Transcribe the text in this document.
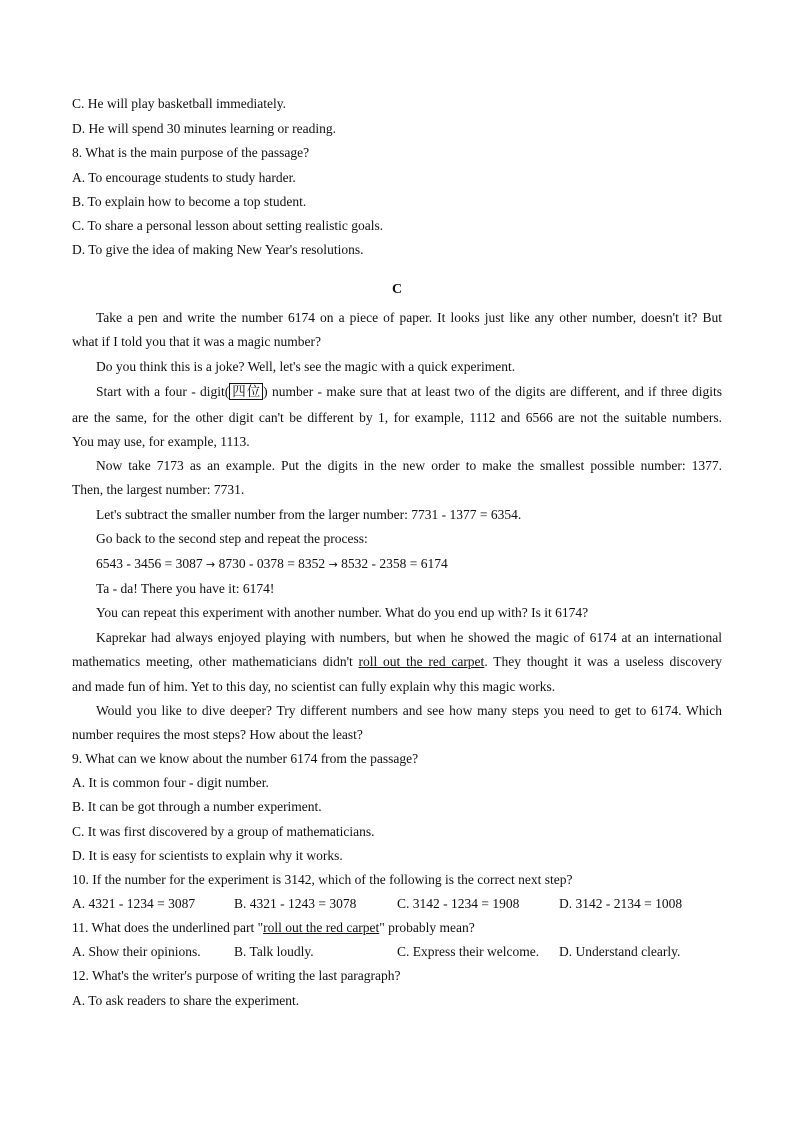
C. He will play basketball immediately.
D. He will spend 30 minutes learning or reading.
8. What is the main purpose of the passage?
A. To encourage students to study harder.
B. To explain how to become a top student.
C. To share a personal lesson about setting realistic goals.
D. To give the idea of making New Year's resolutions.
C
Take a pen and write the number 6174 on a piece of paper. It looks just like any other number, doesn't it? But
what if I told you that it was a magic number?
Do you think this is a joke? Well, let's see the magic with a quick experiment.
Start with a four - digit( 四位 ) number - make sure that at least two of the digits are different, and if three digits
are the same, for the other digit can't be different by 1, for example, 1112 and 6566 are not the suitable numbers.
You may use, for example, 1113.
Now take 7173 as an example. Put the digits in the new order to make the smallest possible number: 1377.
Then, the largest number: 7731.
Let's subtract the smaller number from the larger number: 7731 - 1377 = 6354.
Go back to the second step and repeat the process:
6543 - 3456 = 3087 → 8730 - 0378 = 8352 → 8532 - 2358 = 6174
Ta - da! There you have it: 6174!
You can repeat this experiment with another number. What do you end up with? Is it 6174?
Kaprekar had always enjoyed playing with numbers, but when he showed the magic of 6174 at an international
mathematics meeting, other mathematicians didn't roll out the red carpet. They thought it was a useless discovery
and made fun of him. Yet to this day, no scientist can fully explain why this magic works.
Would you like to dive deeper? Try different numbers and see how many steps you need to get to 6174. Which
number requires the most steps? How about the least?
9. What can we know about the number 6174 from the passage?
A. It is common four - digit number.
B. It can be got through a number experiment.
C. It was first discovered by a group of mathematicians.
D. It is easy for scientists to explain why it works.
10. If the number for the experiment is 3142, which of the following is the correct next step?
A. 4321 - 1234 = 3087	B. 4321 - 1243 = 3078	C. 3142 - 1234 = 1908	D. 3142 - 2134 = 1008
11. What does the underlined part "roll out the red carpet" probably mean?
A. Show their opinions. B. Talk loudly.	C. Express their welcome. D. Understand clearly.
12. What's the writer's purpose of writing the last paragraph?
A. To ask readers to share the experiment.
